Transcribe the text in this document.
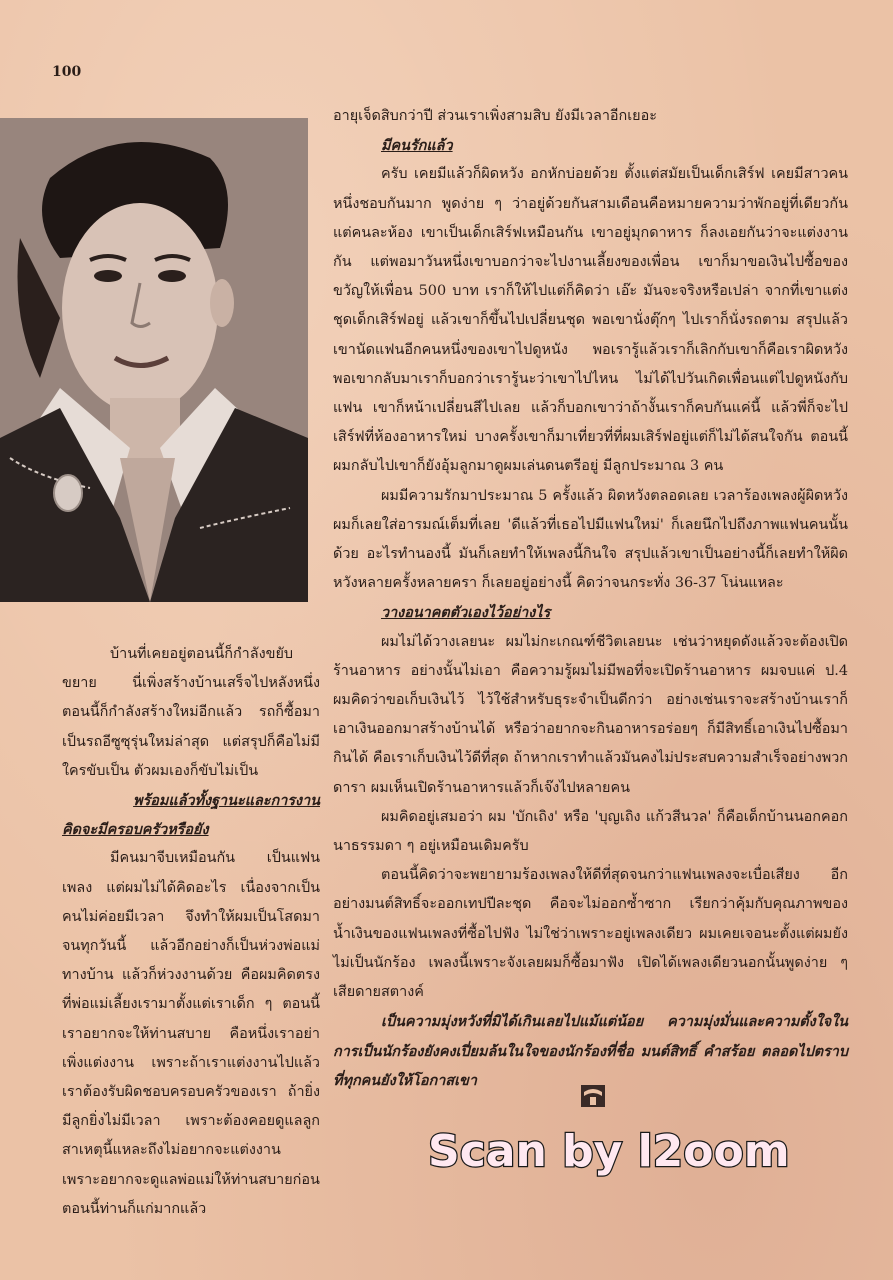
100

บ้านที่เคยอยู่ตอนนี้ก็กำลังขยับขยาย นี่เพิ่งสร้างบ้านเสร็จไปหลังหนึ่ง ตอนนี้ก็กำลังสร้างใหม่อีกแล้ว รถก็ซื้อมาเป็นรถอีซูซุรุ่นใหม่ล่าสุด แต่สรุปก็คือไม่มีใครขับเป็น ตัวผมเองก็ขับไม่เป็น

พร้อมแล้วทั้งฐานะและการงาน

คิดจะมีครอบครัวหรือยัง

มีคนมาจีบเหมือนกัน เป็นแฟนเพลง แต่ผมไม่ได้คิดอะไร เนื่องจากเป็นคนไม่ค่อยมีเวลา จึงทำให้ผมเป็นโสดมาจนทุกวันนี้ แล้วอีกอย่างก็เป็นห่วงพ่อแม่ทางบ้าน แล้วก็ห่วงงานด้วย คือผมคิดตรงที่พ่อแม่เลี้ยงเรามาตั้งแต่เราเด็ก ๆ ตอนนี้เราอยากจะให้ท่านสบาย คือหนึ่งเราอย่าเพิ่งแต่งงาน เพราะถ้าเราแต่งงานไปแล้ว เราต้องรับผิดชอบครอบครัวของเรา ถ้ายิ่งมีลูกยิ่งไม่มีเวลา เพราะต้องคอยดูแลลูก สาเหตุนี้แหละถึงไม่อยากจะแต่งงาน เพราะอยากจะดูแลพ่อแม่ให้ท่านสบายก่อน ตอนนี้ท่านก็แก่มากแล้ว

อายุเจ็ดสิบกว่าปี ส่วนเราเพิ่งสามสิบ ยังมีเวลาอีกเยอะ

มีคนรักแล้ว

ครับ เคยมีแล้วก็ผิดหวัง อกหักบ่อยด้วย ตั้งแต่สมัยเป็นเด็กเสิร์ฟ เคยมีสาวคนหนึ่งชอบกันมาก พูดง่าย ๆ ว่าอยู่ด้วยกันสามเดือนคือหมายความว่าพักอยู่ที่เดียวกันแต่คนละห้อง เขาเป็นเด็กเสิร์ฟเหมือนกัน เขาอยู่มุกดาหาร ก็ลงเอยกันว่าจะแต่งงานกัน แต่พอมาวันหนึ่งเขาบอกว่าจะไปงานเลี้ยงของเพื่อน เขาก็มาขอเงินไปซื้อของขวัญให้เพื่อน 500 บาท เราก็ให้ไปแต่ก็คิดว่า เอ๊ะ มันจะจริงหรือเปล่า จากที่เขาแต่งชุดเด็กเสิร์ฟอยู่ แล้วเขาก็ขึ้นไปเปลี่ยนชุด พอเขานั่งตุ๊กๆ ไปเราก็นั่งรถตาม สรุปแล้วเขานัดแฟนอีกคนหนึ่งของเขาไปดูหนัง พอเรารู้แล้วเราก็เลิกกับเขาก็คือเราผิดหวัง พอเขากลับมาเราก็บอกว่าเรารู้นะว่าเขาไปไหน ไม่ได้ไปวันเกิดเพื่อนแต่ไปดูหนังกับแฟน เขาก็หน้าเปลี่ยนสีไปเลย แล้วก็บอกเขาว่าถ้างั้นเราก็คบกันแค่นี้ แล้วพี่ก็จะไปเสิร์ฟที่ห้องอาหารใหม่ บางครั้งเขาก็มาเที่ยวที่ที่ผมเสิร์ฟอยู่แต่ก็ไม่ได้สนใจกัน ตอนนี้ผมกลับไปเขาก็ยังอุ้มลูกมาดูผมเล่นดนตรีอยู่ มีลูกประมาณ 3 คน

ผมมีความรักมาประมาณ 5 ครั้งแล้ว ผิดหวังตลอดเลย เวลาร้องเพลงผู้ผิดหวังผมก็เลยใส่อารมณ์เต็มที่เลย 'ดีแล้วที่เธอไปมีแฟนใหม่' ก็เลยนึกไปถึงภาพแฟนคนนั้นด้วย อะไรทำนองนี้ มันก็เลยทำให้เพลงนี้กินใจ สรุปแล้วเขาเป็นอย่างนี้ก็เลยทำให้ผิดหวังหลายครั้งหลายครา ก็เลยอยู่อย่างนี้ คิดว่าจนกระทั่ง 36-37 โน่นแหละ

วางอนาคตตัวเองไว้อย่างไร

ผมไม่ได้วางเลยนะ ผมไม่กะเกณฑ์ชีวิตเลยนะ เช่นว่าหยุดดังแล้วจะต้องเปิดร้านอาหาร อย่างนั้นไม่เอา คือความรู้ผมไม่มีพอที่จะเปิดร้านอาหาร ผมจบแค่ ป.4 ผมคิดว่าขอเก็บเงินไว้ ไว้ใช้สำหรับธุระจำเป็นดีกว่า อย่างเช่นเราจะสร้างบ้านเราก็เอาเงินออกมาสร้างบ้านได้ หรือว่าอยากจะกินอาหารอร่อยๆ ก็มีสิทธิ์เอาเงินไปซื้อมากินได้ คือเราเก็บเงินไว้ดีที่สุด ถ้าหากเราทำแล้วมันคงไม่ประสบความสำเร็จอย่างพวกดารา ผมเห็นเปิดร้านอาหารแล้วก็เจ๊งไปหลายคน

ผมคิดอยู่เสมอว่า ผม 'บักเถิง' หรือ 'บุญเถิง แก้วสีนวล' ก็คือเด็กบ้านนอกคอกนาธรรมดา ๆ อยู่เหมือนเดิมครับ

ตอนนี้คิดว่าจะพยายามร้องเพลงให้ดีที่สุดจนกว่าแฟนเพลงจะเบื่อเสียง อีกอย่างมนต์สิทธิ์จะออกเทปปีละชุด คือจะไม่ออกซ้ำซาก เรียกว่าคุ้มกับคุณภาพของน้ำเงินของแฟนเพลงที่ซื้อไปฟัง ไม่ใช่ว่าเพราะอยู่เพลงเดียว ผมเคยเจอนะตั้งแต่ผมยังไม่เป็นนักร้อง เพลงนี้เพราะจังเลยผมก็ซื้อมาฟัง เปิดได้เพลงเดียวนอกนั้นพูดง่าย ๆ เสียดายสตางค์

เป็นความมุ่งหวังที่มิได้เกินเลยไปแม้แต่น้อย ความมุ่งมั่นและความตั้งใจในการเป็นนักร้องยังคงเปี่ยมล้นในใจของนักร้องที่ชื่อ มนต์สิทธิ์ คำสร้อย ตลอดไปตราบที่ทุกคนยังให้โอกาสเขา

Scan by l2oom
